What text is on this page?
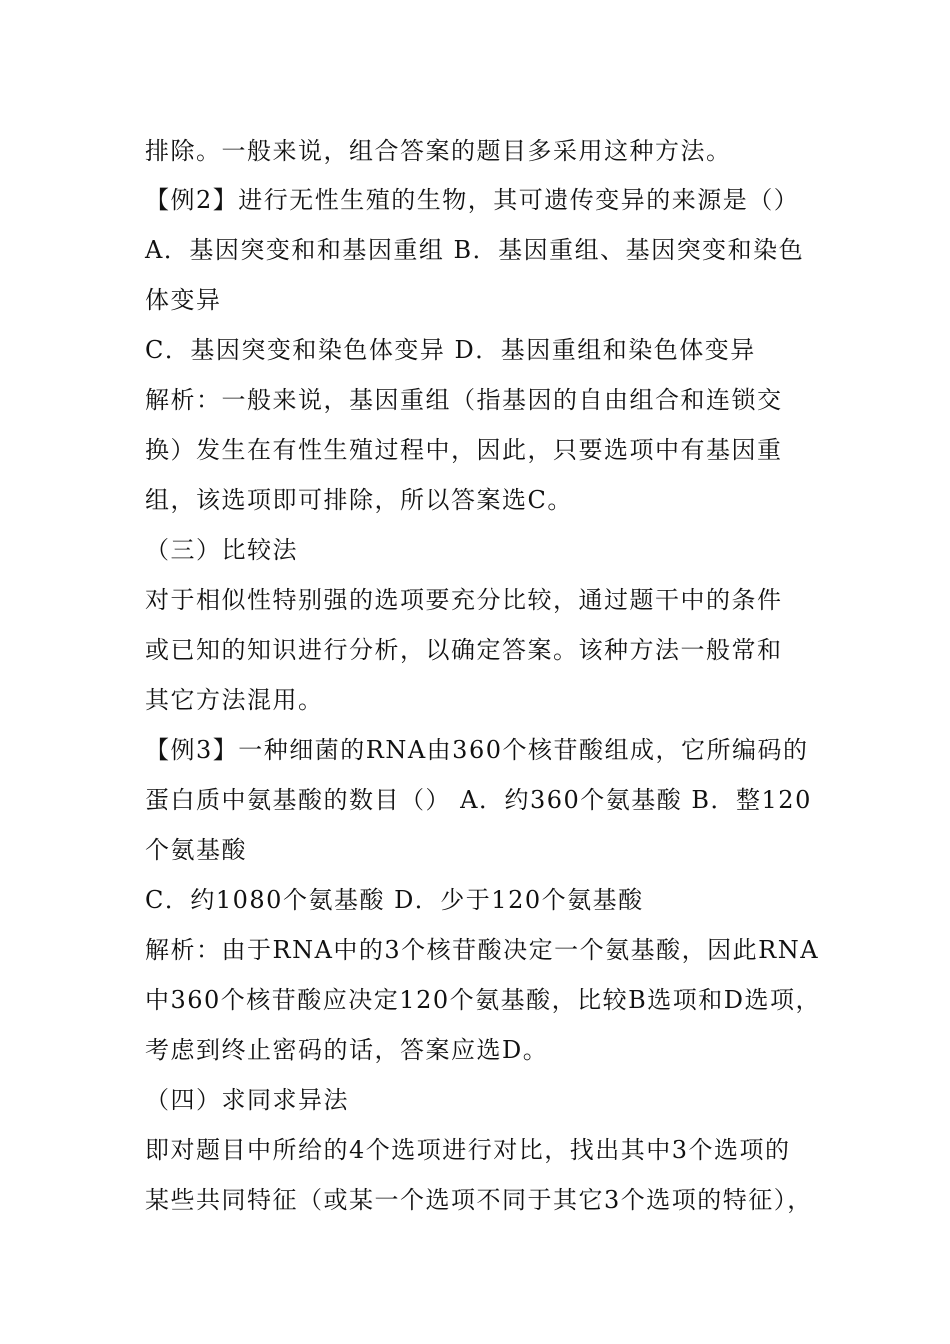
排除。一般来说，组合答案的题目多采用这种方法。
【例2】进行无性生殖的生物，其可遗传变异的来源是（）
A．基因突变和和基因重组 B．基因重组、基因突变和染色
体变异
C．基因突变和染色体变异 D．基因重组和染色体变异
解析：一般来说，基因重组（指基因的自由组合和连锁交
换）发生在有性生殖过程中，因此，只要选项中有基因重
组，该选项即可排除，所以答案选C。
（三）比较法
对于相似性特别强的选项要充分比较，通过题干中的条件
或已知的知识进行分析，以确定答案。该种方法一般常和
其它方法混用。
【例3】一种细菌的RNA由360个核苷酸组成，它所编码的
蛋白质中氨基酸的数目（） A．约360个氨基酸 B．整120
个氨基酸
C．约1080个氨基酸 D．少于120个氨基酸
解析：由于RNA中的3个核苷酸决定一个氨基酸，因此RNA
中360个核苷酸应决定120个氨基酸，比较B选项和D选项，
考虑到终止密码的话，答案应选D。
（四）求同求异法
即对题目中所给的4个选项进行对比，找出其中3个选项的
某些共同特征（或某一个选项不同于其它3个选项的特征），
